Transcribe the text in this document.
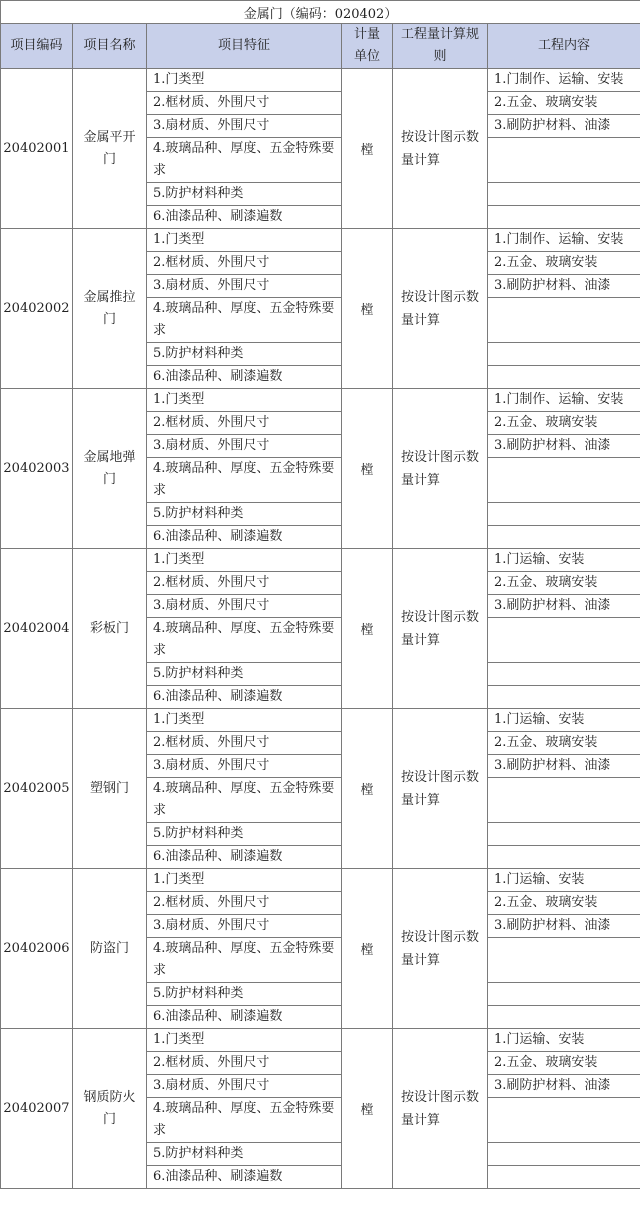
金属门（编码：020402）					
项目编码	项目名称	项目特征	计量单位	工程量计算规则	工程内容
20402001	金属平开门	1.门类型	樘	按设计图示数量计算	1.门制作、运输、安装
		2.框材质、外围尺寸			2.五金、玻璃安装
		3.扇材质、外围尺寸			3.刷防护材料、油漆
		4.玻璃品种、厚度、五金特殊要求			
		5.防护材料种类			
		6.油漆品种、刷漆遍数			
20402002	金属推拉门	1.门类型	樘	按设计图示数量计算	1.门制作、运输、安装
		2.框材质、外围尺寸			2.五金、玻璃安装
		3.扇材质、外围尺寸			3.刷防护材料、油漆
		4.玻璃品种、厚度、五金特殊要求			
		5.防护材料种类			
		6.油漆品种、刷漆遍数			
20402003	金属地弹门	1.门类型	樘	按设计图示数量计算	1.门制作、运输、安装
		2.框材质、外围尺寸			2.五金、玻璃安装
		3.扇材质、外围尺寸			3.刷防护材料、油漆
		4.玻璃品种、厚度、五金特殊要求			
		5.防护材料种类			
		6.油漆品种、刷漆遍数			
20402004	彩板门	1.门类型	樘	按设计图示数量计算	1.门运输、安装
		2.框材质、外围尺寸			2.五金、玻璃安装
		3.扇材质、外围尺寸			3.刷防护材料、油漆
		4.玻璃品种、厚度、五金特殊要求			
		5.防护材料种类			
		6.油漆品种、刷漆遍数			
20402005	塑钢门	1.门类型	樘	按设计图示数量计算	1.门运输、安装
		2.框材质、外围尺寸			2.五金、玻璃安装
		3.扇材质、外围尺寸			3.刷防护材料、油漆
		4.玻璃品种、厚度、五金特殊要求			
		5.防护材料种类			
		6.油漆品种、刷漆遍数			
20402006	防盗门	1.门类型	樘	按设计图示数量计算	1.门运输、安装
		2.框材质、外围尺寸			2.五金、玻璃安装
		3.扇材质、外围尺寸			3.刷防护材料、油漆
		4.玻璃品种、厚度、五金特殊要求			
		5.防护材料种类			
		6.油漆品种、刷漆遍数			
20402007	钢质防火门	1.门类型	樘	按设计图示数量计算	1.门运输、安装
		2.框材质、外围尺寸			2.五金、玻璃安装
		3.扇材质、外围尺寸			3.刷防护材料、油漆
		4.玻璃品种、厚度、五金特殊要求			
		5.防护材料种类			
		6.油漆品种、刷漆遍数			
